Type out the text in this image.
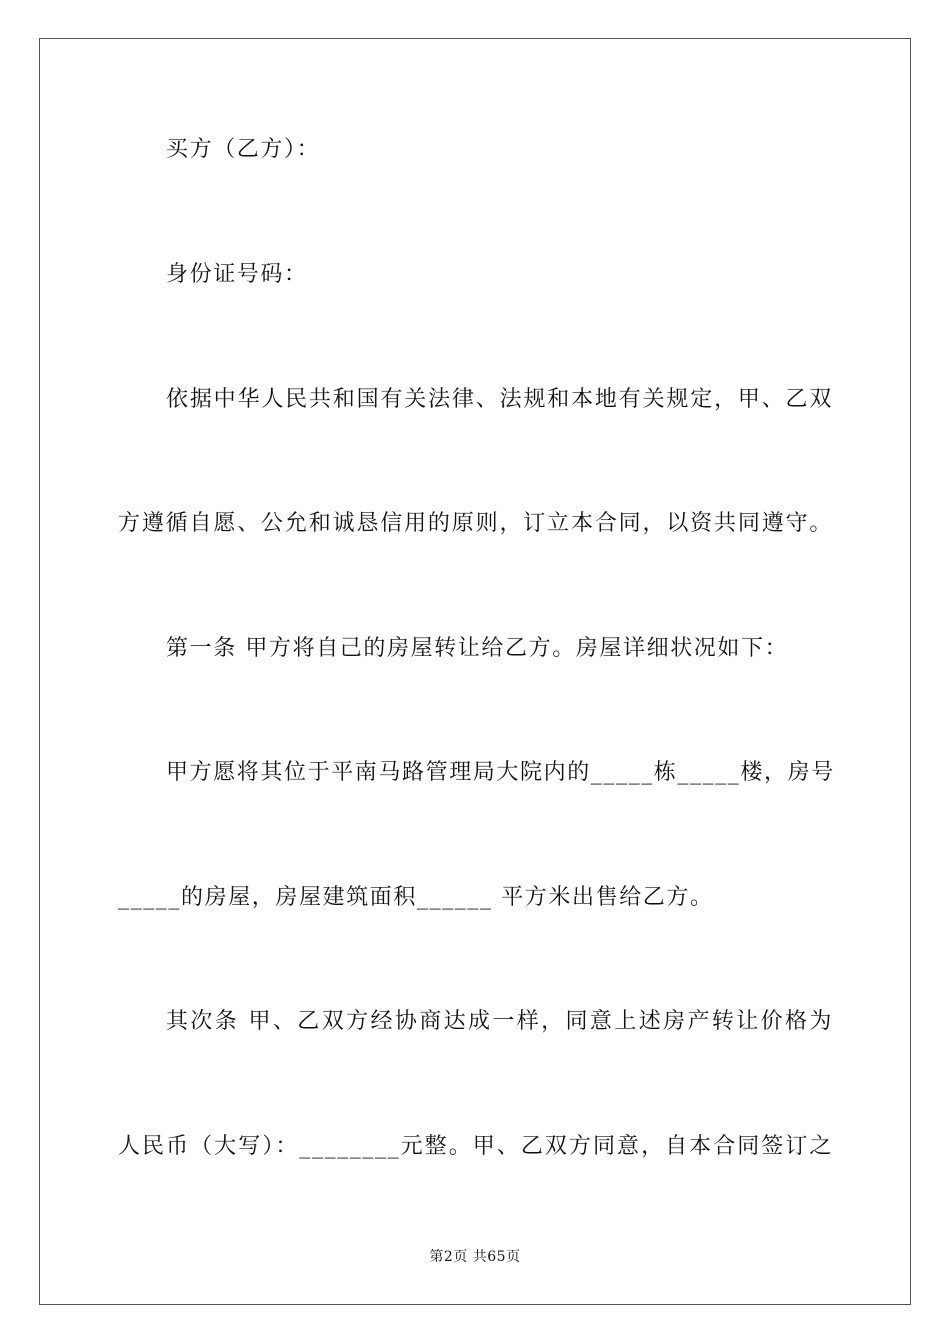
买方（乙方）：
身份证号码：
依据中华人民共和国有关法律、法规和本地有关规定，甲、乙双
方遵循自愿、公允和诚恳信用的原则，订立本合同，以资共同遵守。
第一条 甲方将自己的房屋转让给乙方。房屋详细状况如下：
甲方愿将其位于平南马路管理局大院内的_____栋_____楼，房号
_____的房屋，房屋建筑面积______ 平方米出售给乙方。
其次条 甲、乙双方经协商达成一样，同意上述房产转让价格为
人民币（大写）：________元整。甲、乙双方同意，自本合同签订之
第2页 共65页
